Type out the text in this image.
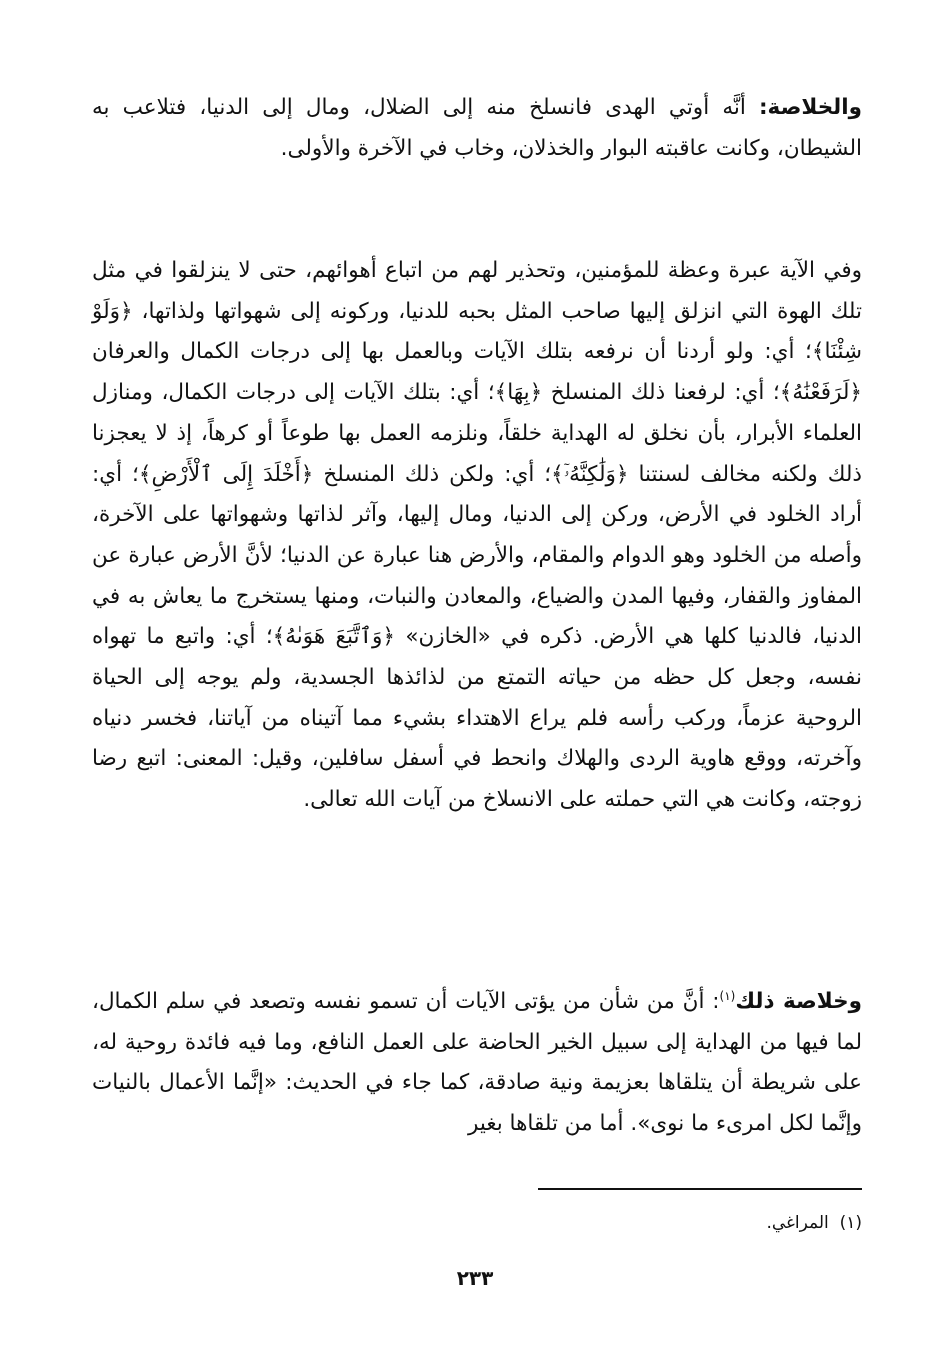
والخلاصة: أنَّه أوتي الهدى فانسلخ منه إلى الضلال، ومال إلى الدنيا، فتلاعب به الشيطان، وكانت عاقبته البوار والخذلان، وخاب في الآخرة والأولى.
وفي الآية عبرة وعظة للمؤمنين، وتحذير لهم من اتباع أهوائهم، حتى لا ينزلقوا في مثل تلك الهوة التي انزلق إليها صاحب المثل بحبه للدنيا، وركونه إلى شهواتها ولذاتها، ﴿وَلَوْ شِئْنَا﴾؛ أي: ولو أردنا أن نرفعه بتلك الآيات وبالعمل بها إلى درجات الكمال والعرفان ﴿لَرَفَعْنَٰهُ﴾؛ أي: لرفعنا ذلك المنسلخ ﴿بِهَا﴾؛ أي: بتلك الآيات إلى درجات الكمال، ومنازل العلماء الأبرار، بأن نخلق له الهداية خلقاً، ونلزمه العمل بها طوعاً أو كرهاً، إذ لا يعجزنا ذلك ولكنه مخالف لسنتنا ﴿وَلَٰكِنَّهُۥٓ﴾؛ أي: ولكن ذلك المنسلخ ﴿أَخْلَدَ إِلَى ٱلْأَرْضِ﴾؛ أي: أراد الخلود في الأرض، وركن إلى الدنيا، ومال إليها، وآثر لذاتها وشهواتها على الآخرة، وأصله من الخلود وهو الدوام والمقام، والأرض هنا عبارة عن الدنيا؛ لأنَّ الأرض عبارة عن المفاوز والقفار، وفيها المدن والضياع، والمعادن والنبات، ومنها يستخرج ما يعاش به في الدنيا، فالدنيا كلها هي الأرض. ذكره في «الخازن» ﴿وَٱتَّبَعَ هَوَىٰهُ﴾؛ أي: واتبع ما تهواه نفسه، وجعل كل حظه من حياته التمتع من لذائذها الجسدية، ولم يوجه إلى الحياة الروحية عزماً، وركب رأسه فلم يراع الاهتداء بشيء مما آتيناه من آياتنا، فخسر دنياه وآخرته، ووقع هاوية الردى والهلاك وانحط في أسفل سافلين، وقيل: المعنى: اتبع رضا زوجته، وكانت هي التي حملته على الانسلاخ من آيات الله تعالى.
وخلاصة ذلك$^{(١)}$: أنَّ من شأن من يؤتى الآيات أن تسمو نفسه وتصعد في سلم الكمال، لما فيها من الهداية إلى سبيل الخير الحاضة على العمل النافع، وما فيه فائدة روحية له، على شريطة أن يتلقاها بعزيمة ونية صادقة، كما جاء في الحديث: «إنَّما الأعمال بالنيات وإنَّما لكل امرىء ما نوى». أما من تلقاها بغير
(١)  المراغي.
٢٣٣
